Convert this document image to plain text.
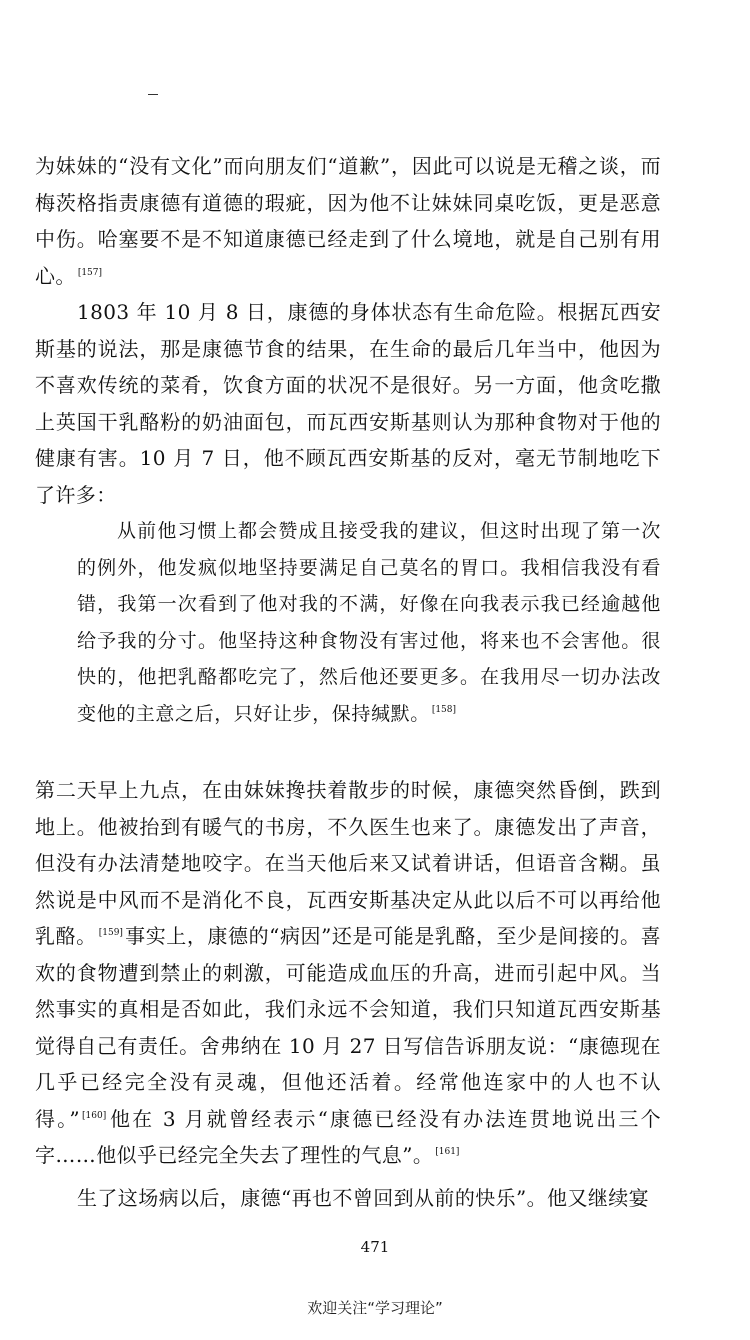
为妹妹的“没有文化”而向朋友们“道歉”，因此可以说是无稽之谈，而梅茨格指责康德有道德的瑕疵，因为他不让妹妹同桌吃饭，更是恶意中伤。哈塞要不是不知道康德已经走到了什么境地，就是自己别有用心。 [157]

1803 年 10 月 8 日，康德的身体状态有生命危险。根据瓦西安斯基的说法，那是康德节食的结果，在生命的最后几年当中，他因为不喜欢传统的菜肴，饮食方面的状况不是很好。另一方面，他贪吃撒上英国干乳酪粉的奶油面包，而瓦西安斯基则认为那种食物对于他的健康有害。10 月 7 日，他不顾瓦西安斯基的反对，毫无节制地吃下了许多：

从前他习惯上都会赞成且接受我的建议，但这时出现了第一次的例外，他发疯似地坚持要满足自己莫名的胃口。我相信我没有看错，我第一次看到了他对我的不满，好像在向我表示我已经逾越他给予我的分寸。他坚持这种食物没有害过他，将来也不会害他。很快的，他把乳酪都吃完了，然后他还要更多。在我用尽一切办法改变他的主意之后，只好让步，保持缄默。 [158]

第二天早上九点，在由妹妹搀扶着散步的时候，康德突然昏倒，跌到地上。他被抬到有暖气的书房，不久医生也来了。康德发出了声音，但没有办法清楚地咬字。在当天他后来又试着讲话，但语音含糊。虽然说是中风而不是消化不良，瓦西安斯基决定从此以后不可以再给他乳酪。 [159] 事实上，康德的“病因”还是可能是乳酪，至少是间接的。喜欢的食物遭到禁止的刺激，可能造成血压的升高，进而引起中风。当然事实的真相是否如此，我们永远不会知道，我们只知道瓦西安斯基觉得自己有责任。舍弗纳在 10 月 27 日写信告诉朋友说：“康德现在几乎已经完全没有灵魂，但他还活着。经常他连家中的人也不认得。” [160] 他在 3 月就曾经表示“康德已经没有办法连贯地说出三个字……他似乎已经完全失去了理性的气息”。 [161]

生了这场病以后，康德“再也不曾回到从前的快乐”。他又继续宴

471
欢迎关注“学习理论”
